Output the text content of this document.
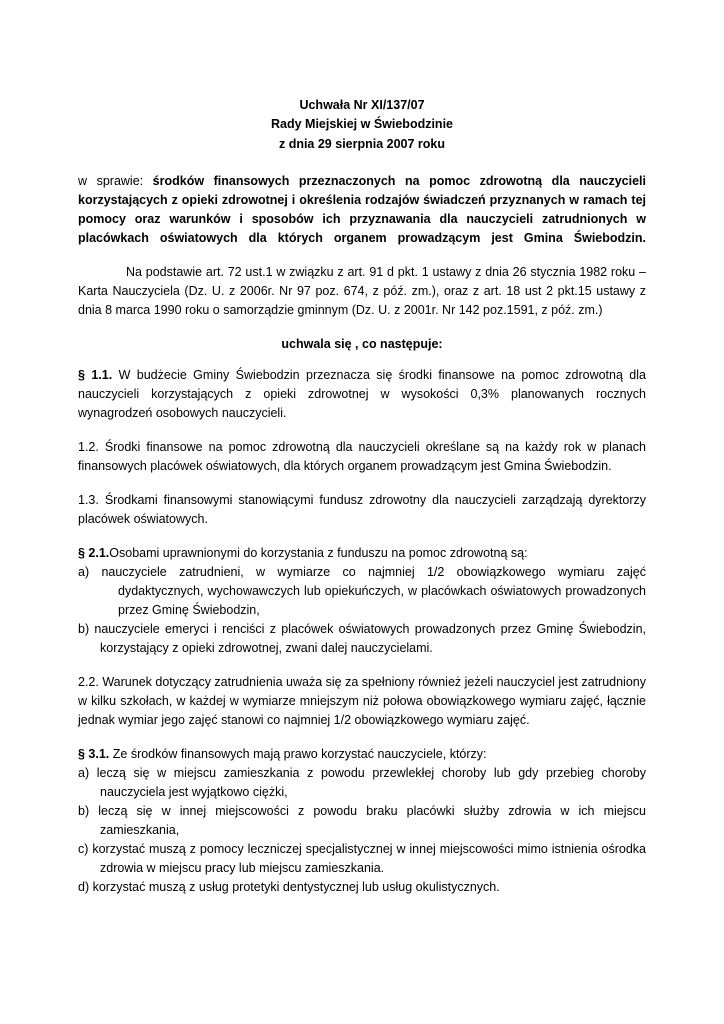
Uchwała Nr XI/137/07
Rady Miejskiej w Świebodzinie
z dnia 29 sierpnia 2007 roku
w sprawie: środków finansowych przeznaczonych na pomoc zdrowotną dla nauczycieli korzystających z opieki zdrowotnej i określenia rodzajów świadczeń przyznanych w ramach tej pomocy oraz warunków i sposobów ich przyznawania dla nauczycieli zatrudnionych w placówkach oświatowych dla których organem prowadzącym jest Gmina Świebodzin.
Na podstawie art. 72 ust.1 w związku z art. 91 d pkt. 1 ustawy z dnia 26 stycznia 1982 roku – Karta Nauczyciela (Dz. U. z 2006r. Nr 97 poz. 674, z póź. zm.), oraz z art. 18 ust 2 pkt.15 ustawy z dnia 8 marca 1990 roku o samorządzie gminnym (Dz. U. z 2001r. Nr 142 poz.1591, z póź. zm.)
uchwala się , co następuje:
§ 1.1. W budżecie Gminy Świebodzin przeznacza się środki finansowe na pomoc zdrowotną dla nauczycieli korzystających z opieki zdrowotnej w wysokości 0,3% planowanych rocznych wynagrodzeń osobowych nauczycieli.
1.2. Środki finansowe na pomoc zdrowotną dla nauczycieli określane są na każdy rok w planach finansowych placówek oświatowych, dla których organem prowadzącym jest Gmina Świebodzin.
1.3. Środkami finansowymi stanowiącymi fundusz zdrowotny dla nauczycieli zarządzają dyrektorzy placówek oświatowych.
§ 2.1.Osobami uprawnionymi do korzystania z funduszu na pomoc zdrowotną są:
a) nauczyciele zatrudnieni, w wymiarze co najmniej 1/2 obowiązkowego wymiaru zajęć dydaktycznych, wychowawczych lub opiekuńczych, w placówkach oświatowych prowadzonych przez Gminę Świebodzin,
b) nauczyciele emeryci i renciści z placówek oświatowych prowadzonych przez Gminę Świebodzin, korzystający z opieki zdrowotnej, zwani dalej nauczycielami.
2.2. Warunek dotyczący zatrudnienia uważa się za spełniony również jeżeli nauczyciel jest zatrudniony w kilku szkołach, w każdej w wymiarze mniejszym niż połowa obowiązkowego wymiaru zajęć, łącznie jednak wymiar jego zajęć stanowi co najmniej 1/2 obowiązkowego wymiaru zajęć.
§ 3.1. Ze środków finansowych mają prawo korzystać nauczyciele, którzy:
a) leczą się w miejscu zamieszkania z powodu przewlekłej choroby lub gdy przebieg choroby nauczyciela jest wyjątkowo ciężki,
b) leczą się w innej miejscowości z powodu braku placówki służby zdrowia w ich miejscu zamieszkania,
c) korzystać muszą z pomocy leczniczej specjalistycznej w innej miejscowości mimo istnienia ośrodka zdrowia w miejscu pracy lub miejscu zamieszkania.
d) korzystać muszą z usług protetyki dentystycznej lub usług okulistycznych.
